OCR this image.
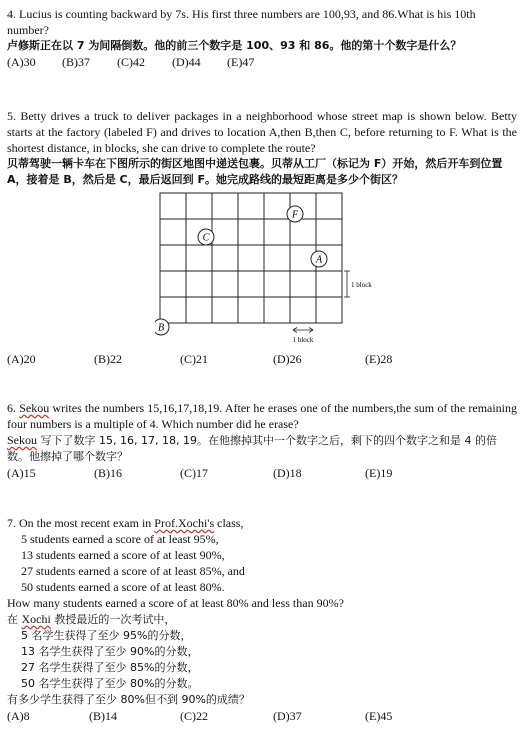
4. Lucius is counting backward by 7s. His first three numbers are 100,93, and 86.What is his 10th number?

卢修斯正在以 7 为间隔倒数。他的前三个数字是 100、93 和 86。他的第十个数字是什么？

(A)30 (B)37 (C)42 (D)44 (E)47

5. Betty drives a truck to deliver packages in a neighborhood whose street map is shown below. Betty starts at the factory (labeled F) and drives to location A,then B,then C, before returning to F. What is the shortest distance, in blocks, she can drive to complete the route?

贝蒂驾驶一辆卡车在下图所示的街区地图中递送包裹。贝蒂从工厂（标记为 F）开始，然后开车到位置 A，接着是 B，然后是 C，最后返回到 F。她完成路线的最短距离是多少个街区？

F
C
A
B
1 block
1 block
(A)20	(B)22	(C)21	(D)26	(E)28

6. Sekou writes the numbers 15,16,17,18,19. After he erases one of the numbers,the sum of the remaining four numbers is a multiple of 4. Which number did he erase?

Sekou 写下了数字 15, 16, 17, 18, 19。在他擦掉其中一个数字之后，剩下的四个数字之和是 4 的倍数。他擦掉了哪个数字？

(A)15	(B)16	(C)17	(D)18	(E)19

7. On the most recent exam in Prof.Xochi's class,

5 students earned a score of at least 95%,

13 students earned a score of at least 90%,

27 students earned a score of at least 85%, and

50 students earned a score of at least 80%.

How many students earned a score of at least 80% and less than 90%?

在 Xochi 教授最近的一次考试中，

5 名学生获得了至少 95%的分数，

13 名学生获得了至少 90%的分数，

27 名学生获得了至少 85%的分数，

50 名学生获得了至少 80%的分数。

有多少学生获得了至少 80%但不到 90%的成绩？

(A)8	(B)14	(C)22	(D)37	(E)45
